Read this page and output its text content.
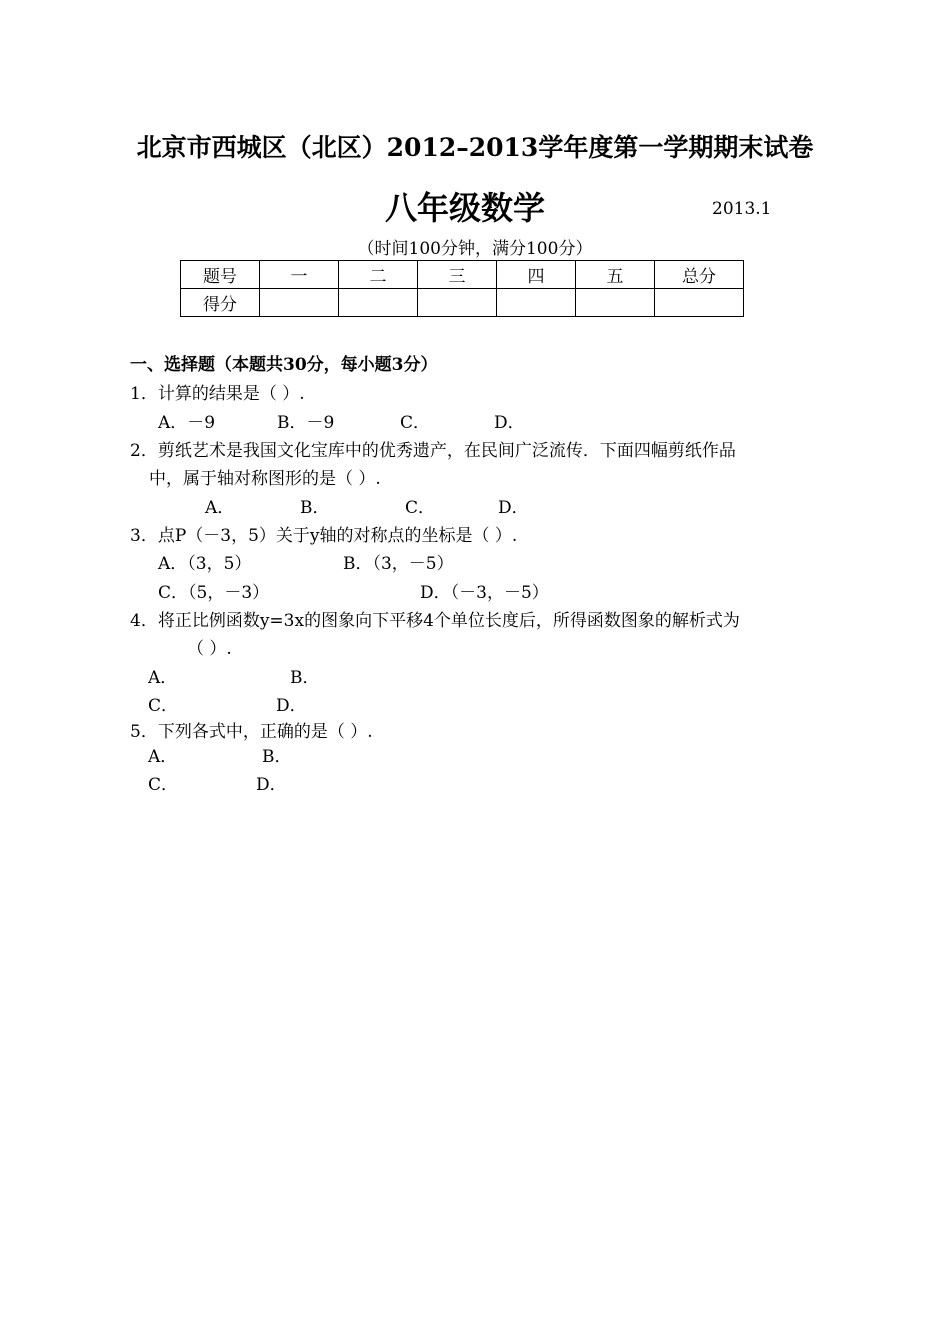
北京市西城区（北区）2012–2013学年度第一学期期末试卷
八年级数学	2013.1
（时间100分钟，满分100分）
题号	一	二	三	四	五	总分
得分						
一、选择题（本题共30分，每小题3分）
1．计算的结果是（ ）.
A．－9	B．－9	C．	D．
2．剪纸艺术是我国文化宝库中的优秀遗产，在民间广泛流传．下面四幅剪纸作品
中，属于轴对称图形的是（ ）.
A．	B．	C．	D．
3．点P（－3，5）关于y轴的对称点的坐标是（ ）.
A．（3，5）	B．（3，－5）
C．（5，－3）	D．（－3，－5）
4．将正比例函数y=3x的图象向下平移4个单位长度后，所得函数图象的解析式为
（ ）.
A．	B．
C．	D．
5．下列各式中，正确的是（ ）.
A．	B．
C．	D．
